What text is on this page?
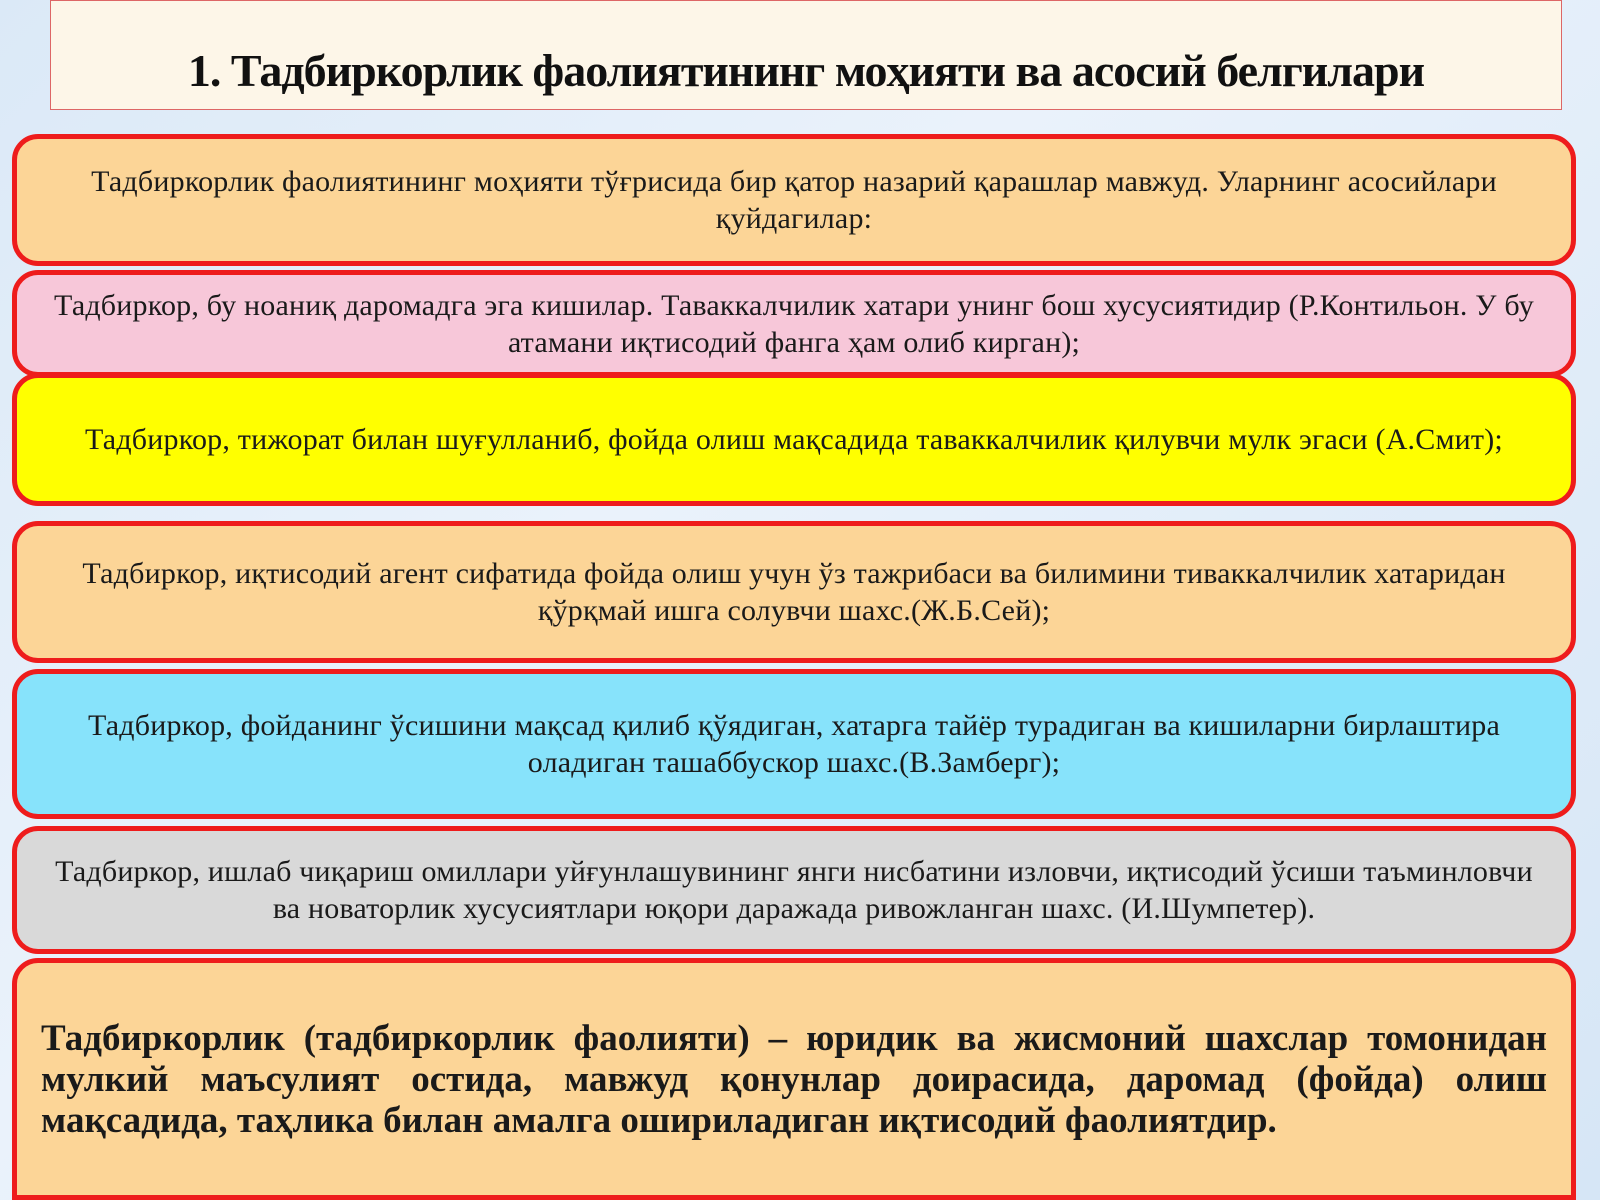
1. Тадбиркорлик фаолиятининг моҳияти ва асосий белгилари
Тадбиркорлик фаолиятининг моҳияти тўғрисида бир қатор назарий қарашлар мавжуд. Уларнинг асосийлари қуйдагилар:
Тадбиркор, бу ноаниқ даромадга эга кишилар. Таваккалчилик хатари унинг бош хусусиятидир (Р.Контильон. У бу атамани иқтисодий фанга ҳам олиб кирган);
Тадбиркор, тижорат билан шуғулланиб, фойда олиш мақсадида таваккалчилик қилувчи мулк эгаси (А.Смит);
Тадбиркор, иқтисодий агент сифатида фойда олиш учун ўз тажрибаси ва билимини тиваккалчилик хатаридан қўрқмай ишга солувчи шахс.(Ж.Б.Сей);
Тадбиркор, фойданинг ўсишини мақсад қилиб қўядиган, хатарга тайёр турадиган ва кишиларни бирлаштира оладиган ташаббускор шахс.(В.Замберг);
Тадбиркор, ишлаб чиқариш омиллари уйғунлашувининг янги нисбатини изловчи, иқтисодий ўсиши таъминловчи ва новаторлик хусусиятлари юқори даражада ривожланган шахс. (И.Шумпетер).
Тадбиркорлик (тадбиркорлик фаолияти) – юридик ва жисмоний шахслар томонидан мулкий маъсулият остида, мавжуд қонунлар доирасида, даромад (фойда) олиш мақсадида, таҳлика билан амалга ошириладиган иқтисодий фаолиятдир.
